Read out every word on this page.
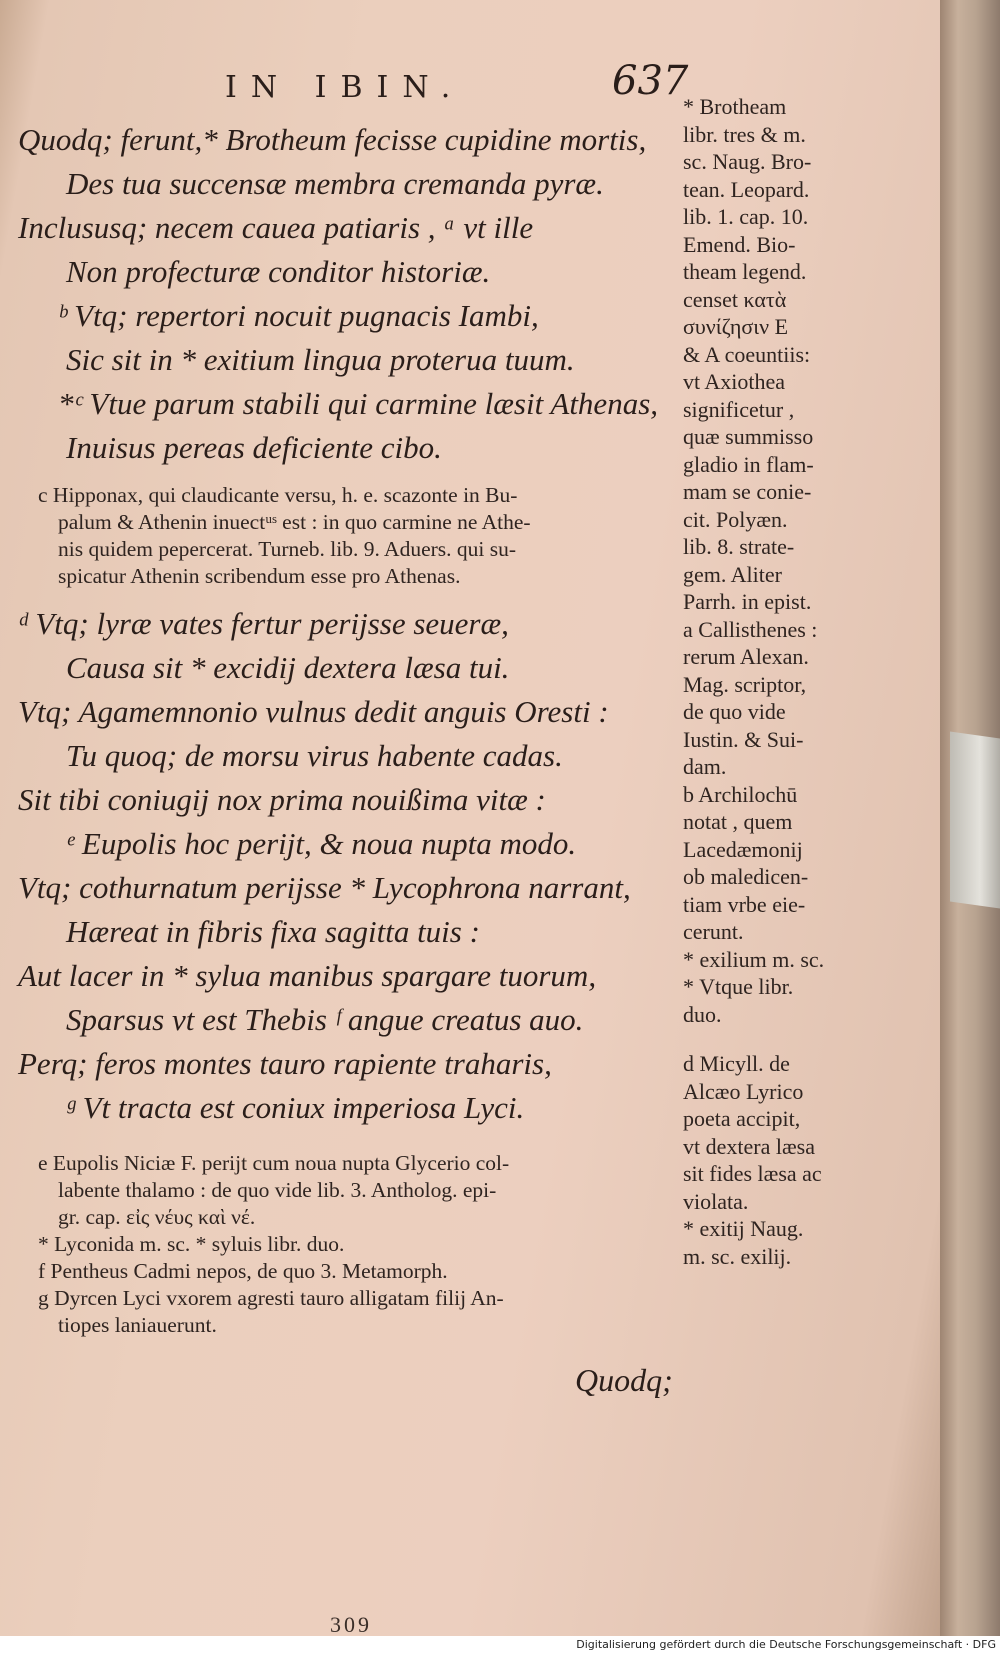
IN IBIN.	637
Quodq; ferunt,* Brotheum fecisse cupidine mortis,
Des tua succensæ membra cremanda pyræ.
Inclususq; necem cauea patiaris , ᵃ vt ille
Non profecturæ conditor historiæ.
ᵇ Vtq; repertori nocuit pugnacis Iambi,
Sic sit in * exitium lingua proterua tuum.
*ᶜ Vtue parum stabili qui carmine læsit Athenas,
Inuisus pereas deficiente cibo.
c Hipponax, qui claudicante versu, h. e. scazonte in Bu-
palum & Athenin inuectᵘˢ est : in quo carmine ne Athe-
nis quidem pepercerat. Turneb. lib. 9. Aduers. qui su-
spicatur Athenin scribendum esse pro Athenas.
ᵈ Vtq; lyræ vates fertur perijsse seueræ,
Causa sit * excidij dextera læsa tui.
Vtq; Agamemnonio vulnus dedit anguis Oresti :
Tu quoq; de morsu virus habente cadas.
Sit tibi coniugij nox prima nouißima vitæ :
ᵉ Eupolis hoc perijt, & noua nupta modo.
Vtq; cothurnatum perijsse * Lycophrona narrant,
Hæreat in fibris fixa sagitta tuis :
Aut lacer in * sylua manibus spargare tuorum,
Sparsus vt est Thebis ᶠ angue creatus auo.
Perq; feros montes tauro rapiente traharis,
ᵍ Vt tracta est coniux imperiosa Lyci.
e Eupolis Niciæ F. perijt cum noua nupta Glycerio col-
labente thalamo : de quo vide lib. 3. Antholog. epi-
gr. cap. εἰς νέυς καὶ νέ.
* Lyconida m. sc. * syluis libr. duo.
f Pentheus Cadmi nepos, de quo 3. Metamorph.
g Dyrcen Lyci vxorem agresti tauro alligatam filij An-
tiopes laniauerunt.
* Brotheam
libr. tres & m.
sc. Naug. Bro-
tean. Leopard.
lib. 1. cap. 10.
Emend. Bio-
theam legend.
censet κατὰ
συνίζησιν E
& A coeuntiis:
vt Axiothea
significetur ,
quæ summisso
gladio in flam-
mam se conie-
cit. Polyæn.
lib. 8. strate-
gem. Aliter
Parrh. in epist.
a Callisthenes :
rerum Alexan.
Mag. scriptor,
de quo vide
Iustin. & Sui-
dam.
b Archilochū
notat , quem
Lacedæmonij
ob maledicen-
tiam vrbe eie-
cerunt.
* exilium m. sc.
* Vtque libr.
duo.
d Micyll. de
Alcæo Lyrico
poeta accipit,
vt dextera læsa
sit fides læsa ac
violata.
* exitij Naug.
m. sc. exilij.
Quodq;
309
Digitalisierung gefördert durch die Deutsche Forschungsgemeinschaft · DFG
